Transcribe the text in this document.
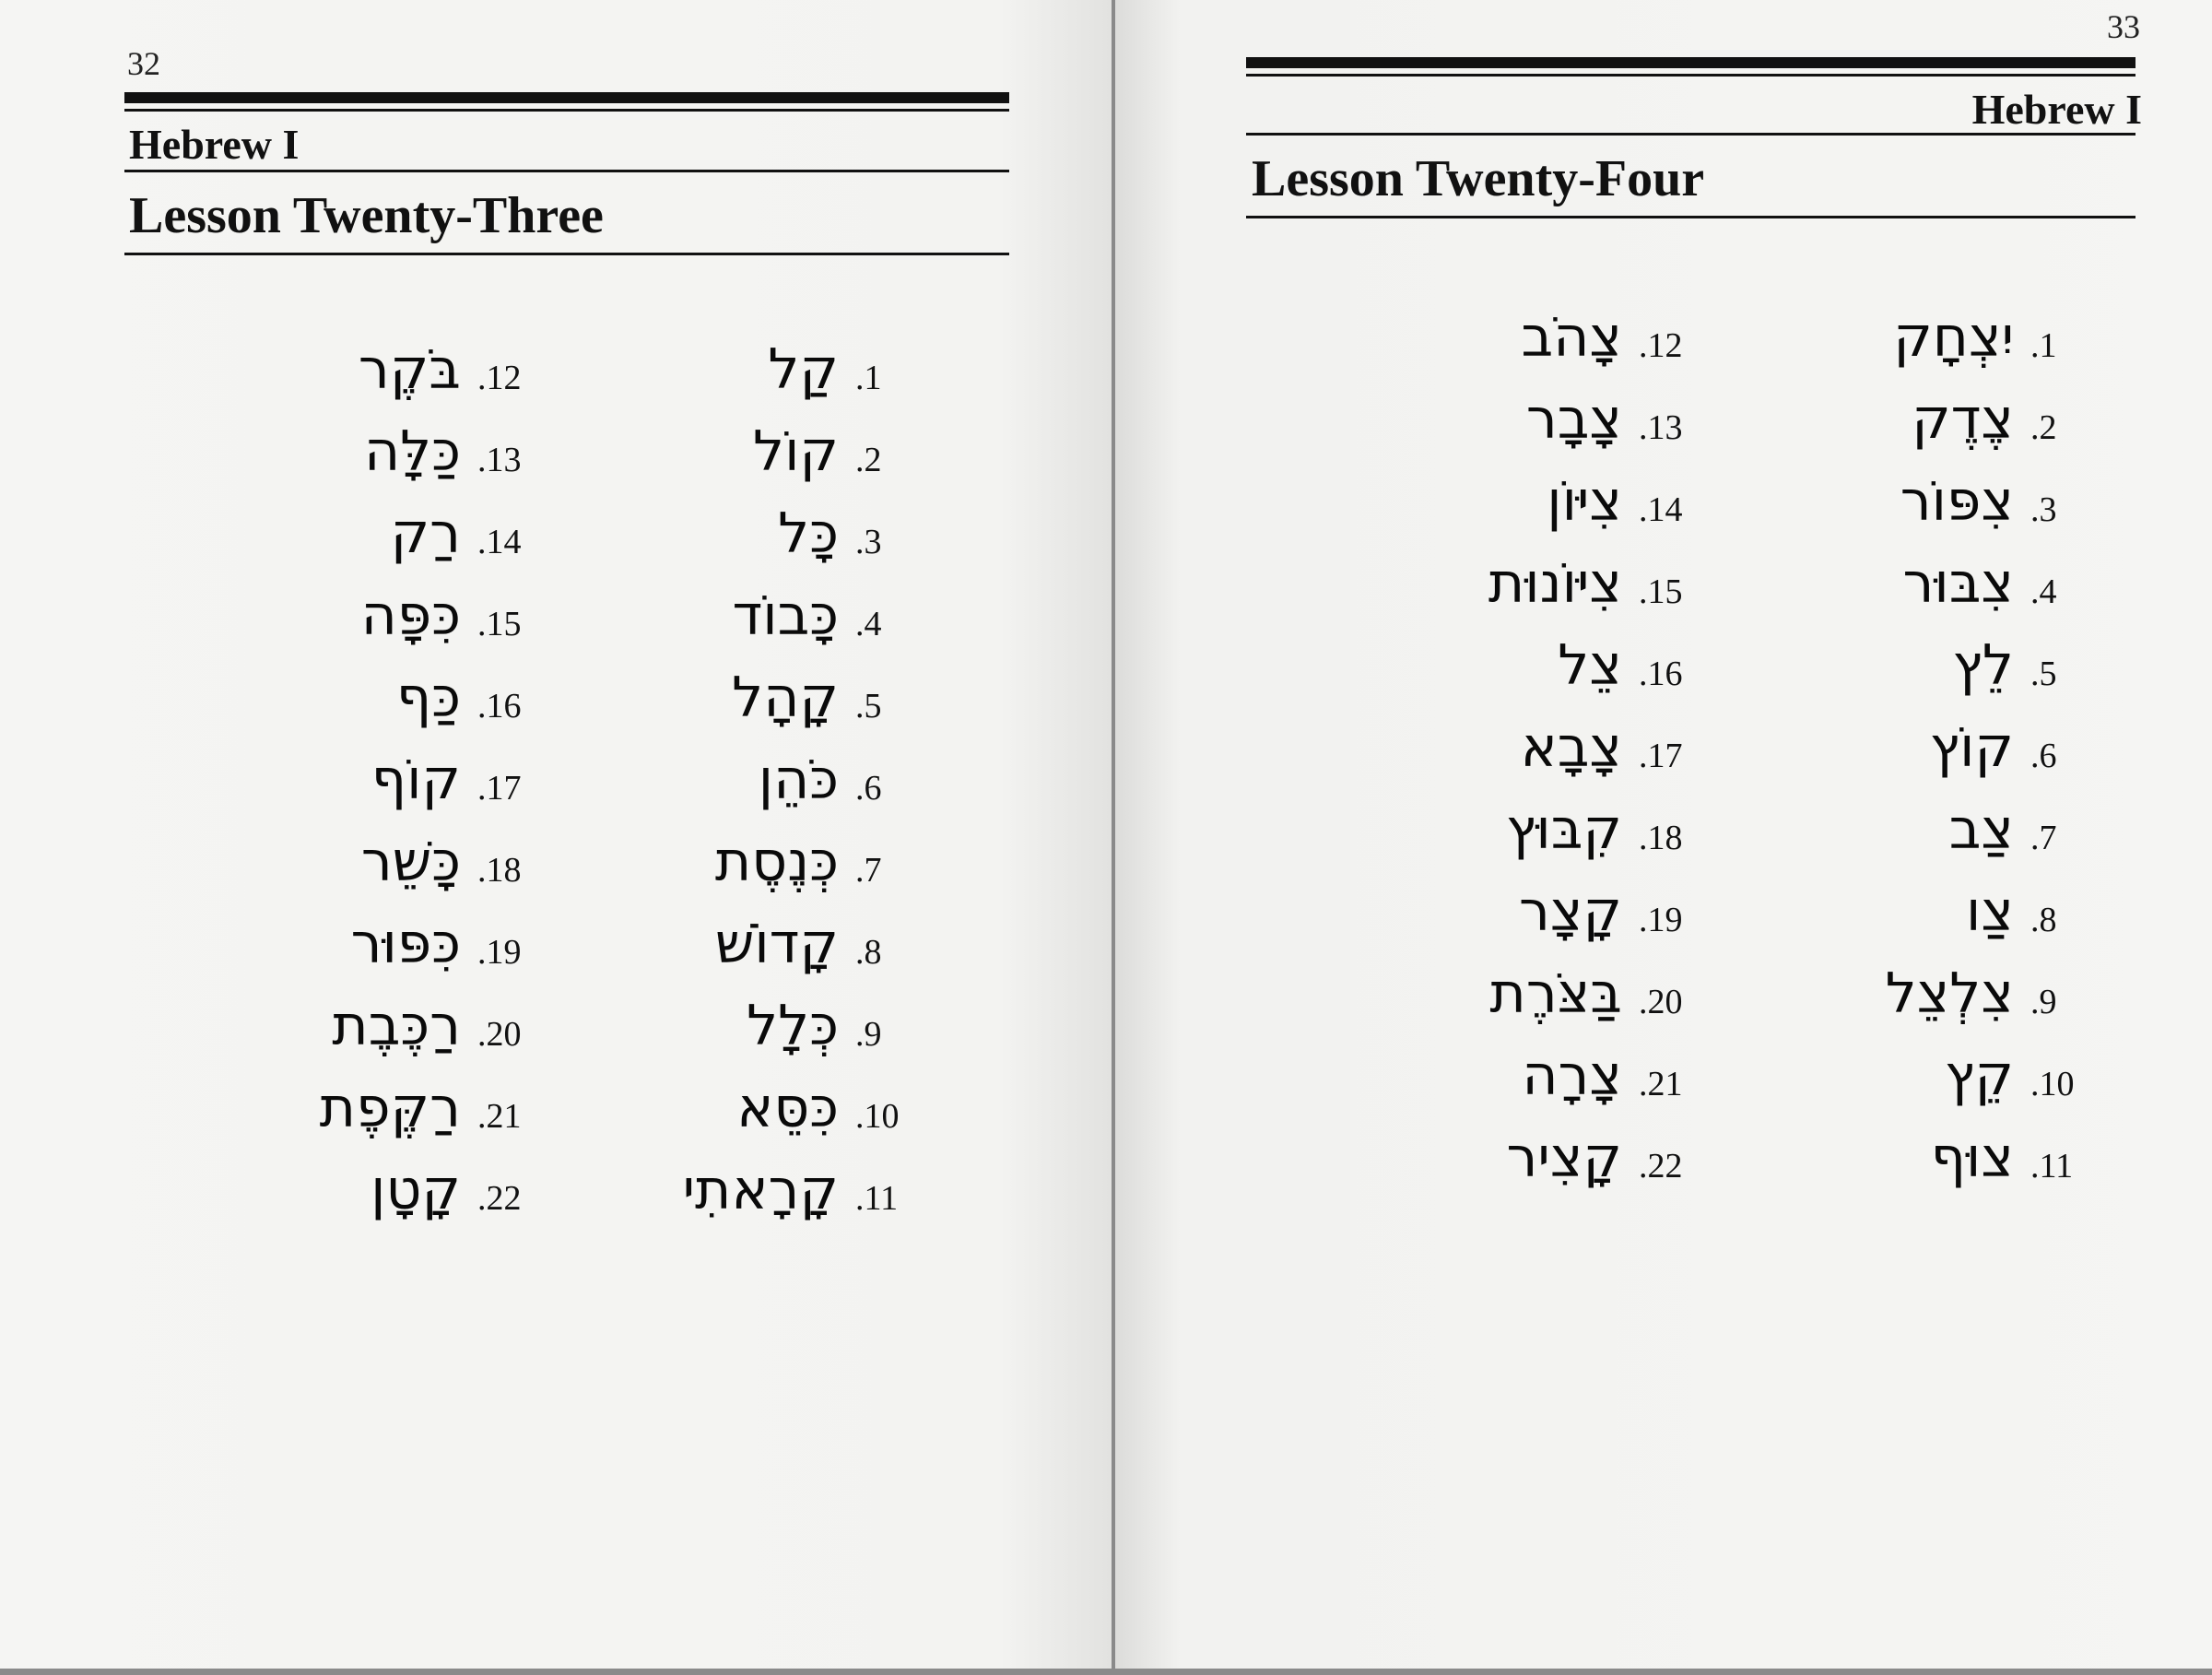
32
Hebrew I
Lesson Twenty-Three
קַל .1
קוֹל .2
כָּל .3
כָּבוֹד .4
קָהָל .5
כֹּהֵן .6
כְּנֶסֶת .7
קָדוֹשׁ .8
כְּלָל .9
כִּסֵּא .10
קָרָאתִי .11
בֹּקֶר .12
כַּלָּה .13
רַק .14
כִּפָּה .15
כַּף .16
קוֹף .17
כָּשֵׁר .18
כִּפּוּר .19
רַכֶּבֶת .20
רַקֶּפֶת .21
קָטָן .22
33
Hebrew I
Lesson Twenty-Four
יִצְחָק .1
צֶדֶק .2
צִפּוֹר .3
צִבּוּר .4
לֵץ .5
קוֹץ .6
צַב .7
צַו .8
צִלְצֵל .9
קֵץ .10
צוּף .11
צָהֹב .12
צָבָר .13
צִיּוֹן .14
צִיּוֹנוּת .15
צֵל .16
צָבָא .17
קִבּוּץ .18
קָצָר .19
בַּצֹּרֶת .20
צָרָה .21
קָצִיר .22
